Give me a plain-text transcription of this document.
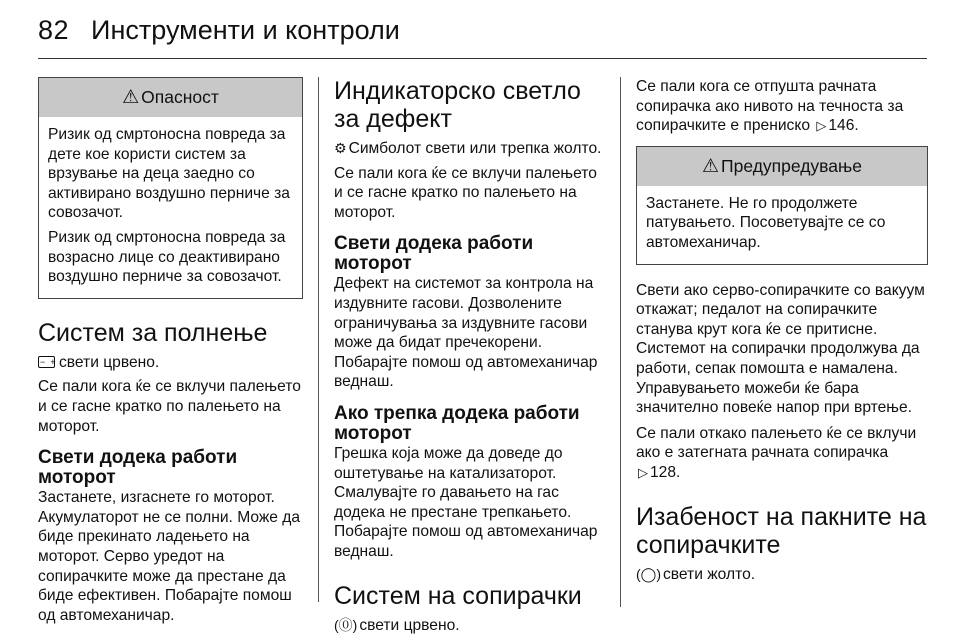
82 Инструменти и контроли
⚠ Опасност

Ризик од смртоносна повреда за дете кое користи систем за врзување на деца заедно со активирано воздушно перниче за совозачот.

Ризик од смртоносна повреда за возрасно лице со деактивирано воздушно перниче за совозачот.

Систем за полнење

− +свети црвено.

Се пали кога ќе се вклучи палењето и се гасне кратко по палењето на моторот.

Свети додека работи моторот

Застанете, изгаснете го моторот. Акумулаторот не се полни. Може да биде прекинато ладењето на моторот. Серво уредот на сопирачките може да престане да биде ефективен. Побарајте помош од автомеханичар.

Индикаторско светло за дефект

⚙ Симболот свети или трепка жолто.

Се пали кога ќе се вклучи палењето и се гасне кратко по палењето на моторот.

Свети додека работи моторот

Дефект на системот за контрола на издувните гасови. Дозволените ограничувања за издувните гасови може да бидат пречекорени. Побарајте помош од автомеханичар веднаш.

Ако трепка додека работи моторот

Грешка која може да доведе до оштетување на катализаторот. Смалувајте го давањето на гас додека не престане трепкањето. Побарајте помош од автомеханичар веднаш.

Систем на сопирачки

(⓪) свети црвено.

Се пали кога се отпушта рачната сопирачка ако нивото на течноста за сопирачките е прениско ▷ 146.

⚠ Предупредување

Застанете. Не го продолжете патувањето. Посоветувајте се со автомеханичар.

Свети ако серво-сопирачките со вакуум откажат; педалот на сопирачките станува крут кога ќе се притисне. Системот на сопирачки продолжува да работи, сепак помошта е намалена. Управувањето можеби ќе бара значително повеќе напор при вртење.

Се пали откако палењето ќе се вклучи ако е затегната рачната сопирачка ▷ 128.

Изабеност на пакните на сопирачките

(◯) свети жолто.
